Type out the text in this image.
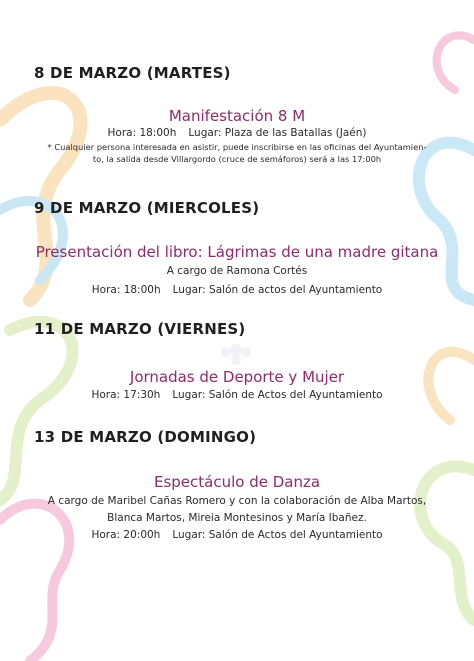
8 DE MARZO (MARTES)
Manifestación 8 M
Hora: 18:00h Lugar: Plaza de las Batallas (Jaén)
* Cualquier persona interesada en asistir, puede inscribirse en las oficinas del Ayuntamien-
to, la salida desde Villargordo (cruce de semáforos) será a las 17:00h
9 DE MARZO (MIERCOLES)
Presentación del libro: Lágrimas de una madre gitana
A cargo de Ramona Cortés
Hora: 18:00h Lugar: Salón de actos del Ayuntamiento
11 DE MARZO (VIERNES)
Jornadas de Deporte y Mujer
Hora: 17:30h Lugar: Salón de Actos del Ayuntamiento
13 DE MARZO (DOMINGO)
Espectáculo de Danza
A cargo de Maribel Cañas Romero y con la colaboración de Alba Martos,
Blanca Martos, Mireia Montesinos y María Ibañez.
Hora: 20:00h Lugar: Salón de Actos del Ayuntamiento
